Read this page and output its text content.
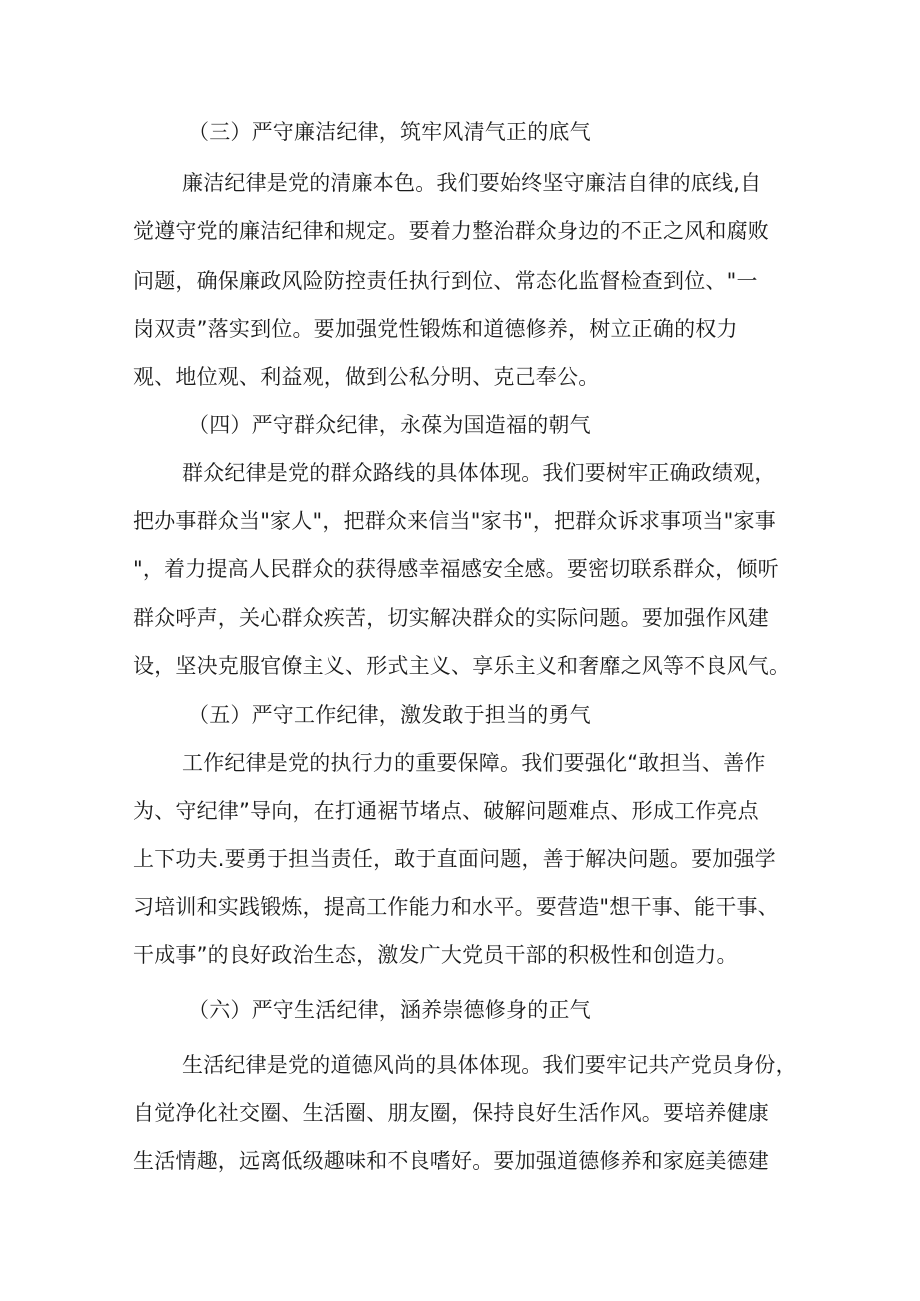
（三）严守廉洁纪律，筑牢风清气正的底气
廉洁纪律是党的清廉本色。我们要始终坚守廉洁自律的底线,自
觉遵守党的廉洁纪律和规定。要着力整治群众身边的不正之风和腐败
问题，确保廉政风险防控责任执行到位、常态化监督检查到位、"一
岗双责”落实到位。要加强党性锻炼和道德修养，树立正确的权力
观、地位观、利益观，做到公私分明、克己奉公。
（四）严守群众纪律，永葆为国造福的朝气
群众纪律是党的群众路线的具体体现。我们要树牢正确政绩观，
把办事群众当"家人"，把群众来信当"家书"，把群众诉求事项当"家事
"，着力提高人民群众的获得感幸福感安全感。要密切联系群众，倾听
群众呼声，关心群众疾苦，切实解决群众的实际问题。要加强作风建
设，坚决克服官僚主义、形式主义、享乐主义和奢靡之风等不良风气。
（五）严守工作纪律，激发敢于担当的勇气
工作纪律是党的执行力的重要保障。我们要强化“敢担当、善作
为、守纪律”导向，在打通裾节堵点、破解问题难点、形成工作亮点
上下功夫.要勇于担当责任，敢于直面问题，善于解决问题。要加强学
习培训和实践锻炼，提高工作能力和水平。要营造"想干事、能干事、
干成事”的良好政治生态，激发广大党员干部的积极性和创造力。
（六）严守生活纪律，涵养崇德修身的正气
生活纪律是党的道德风尚的具体体现。我们要牢记共产党员身份，
自觉净化社交圈、生活圈、朋友圈，保持良好生活作风。要培养健康
生活情趣，远离低级趣味和不良嗜好。要加强道德修养和家庭美德建
